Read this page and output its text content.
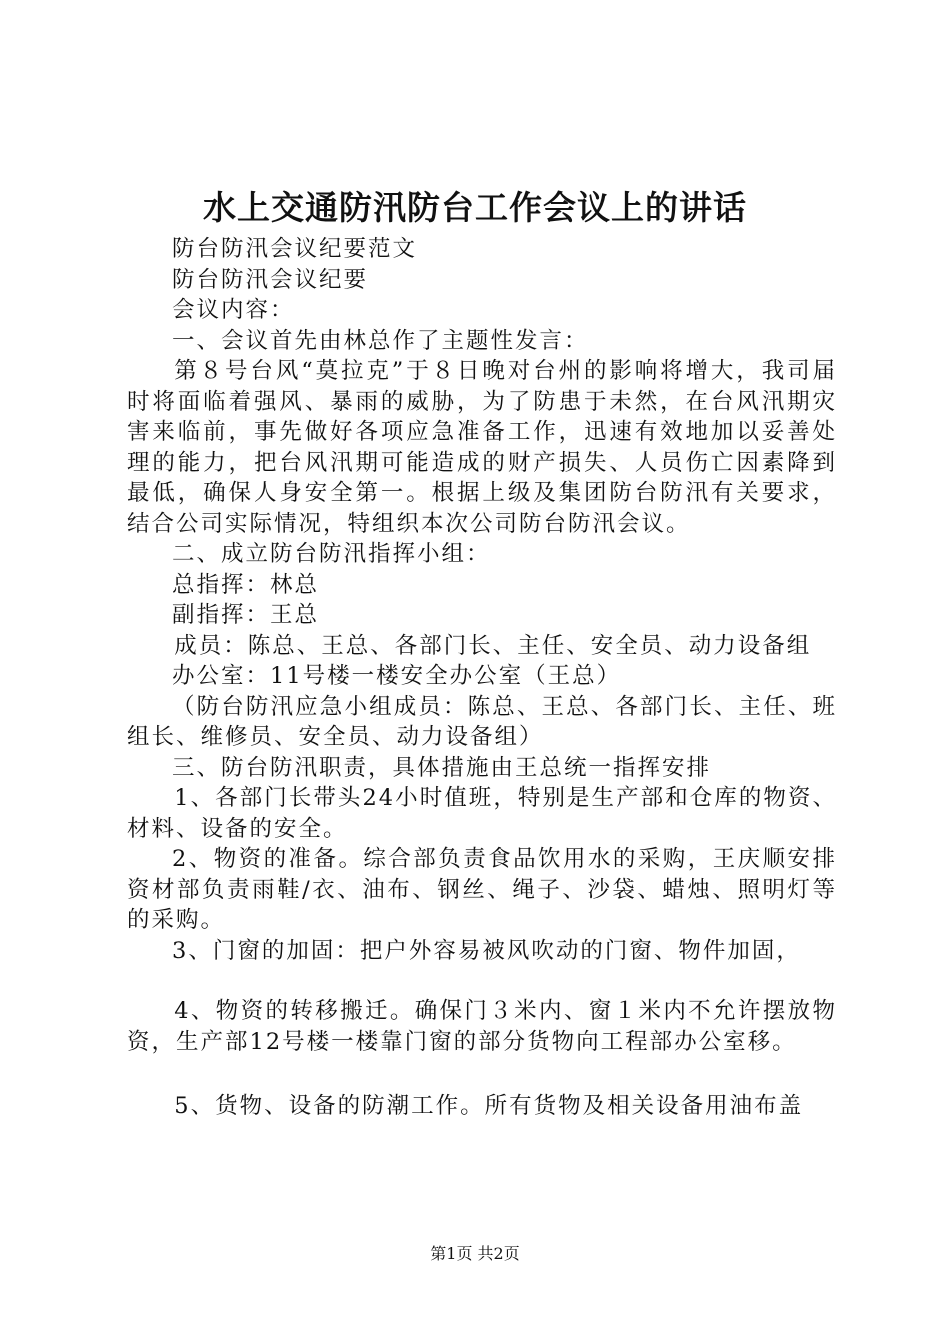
水上交通防汛防台工作会议上的讲话

防台防汛会议纪要范文

防台防汛会议纪要

会议内容：

一、会议首先由林总作了主题性发言：

第８号台风“莫拉克”于８日晚对台州的影响将增大，我司届时将面临着强风、暴雨的威胁，为了防患于未然，在台风汛期灾害来临前，事先做好各项应急准备工作，迅速有效地加以妥善处理的能力，把台风汛期可能造成的财产损失、人员伤亡因素降到最低，确保人身安全第一。根据上级及集团防台防汛有关要求，结合公司实际情况，特组织本次公司防台防汛会议。

二、成立防台防汛指挥小组：

总指挥：林总

副指挥：王总

成员：陈总、王总、各部门长、主任、安全员、动力设备组

办公室：11号楼一楼安全办公室（王总）

（防台防汛应急小组成员：陈总、王总、各部门长、主任、班组长、维修员、安全员、动力设备组）

三、防台防汛职责，具体措施由王总统一指挥安排

1、各部门长带头24小时值班，特别是生产部和仓库的物资、材料、设备的安全。

2、物资的准备。综合部负责食品饮用水的采购，王庆顺安排资材部负责雨鞋/衣、油布、钢丝、绳子、沙袋、蜡烛、照明灯等的采购。

3、门窗的加固：把户外容易被风吹动的门窗、物件加固，

4、物资的转移搬迁。确保门３米内、窗１米内不允许摆放物资，生产部12号楼一楼靠门窗的部分货物向工程部办公室移。

5、货物、设备的防潮工作。所有货物及相关设备用油布盖

第1页 共2页
